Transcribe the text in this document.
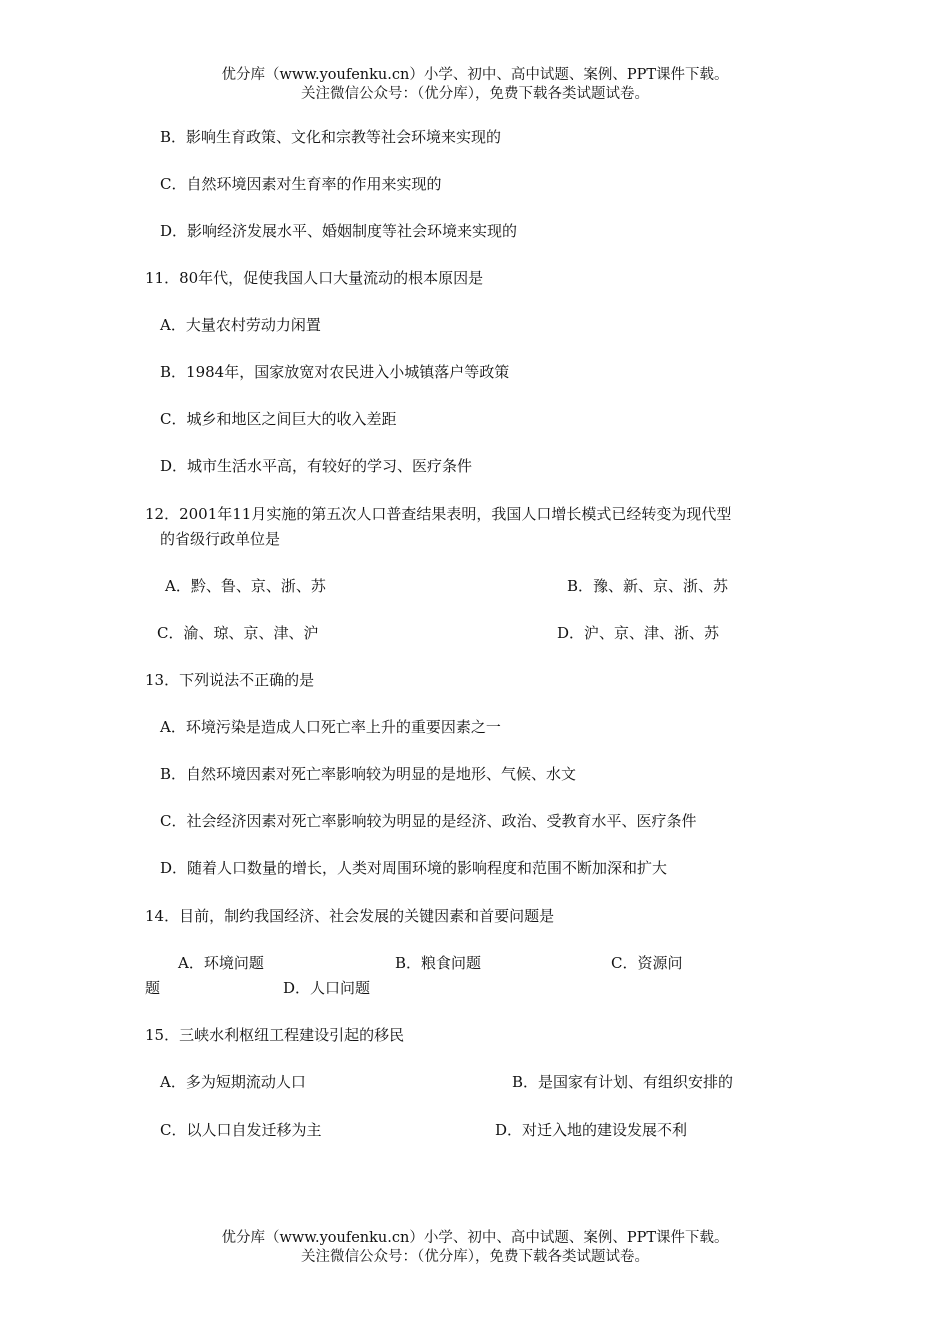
优分库（www.youfenku.cn）小学、初中、高中试题、案例、PPT课件下载。
关注微信公众号：（优分库），免费下载各类试题试卷。
B．影响生育政策、文化和宗教等社会环境来实现的
C．自然环境因素对生育率的作用来实现的
D．影响经济发展水平、婚姻制度等社会环境来实现的
11．80年代，促使我国人口大量流动的根本原因是
A．大量农村劳动力闲置
B．1984年，国家放宽对农民进入小城镇落户等政策
C．城乡和地区之间巨大的收入差距
D．城市生活水平高，有较好的学习、医疗条件
12．2001年11月实施的第五次人口普查结果表明，我国人口增长模式已经转变为现代型
的省级行政单位是
A．黔、鲁、京、浙、苏	B．豫、新、京、浙、苏
C．渝、琼、京、津、沪	D．沪、京、津、浙、苏
13．下列说法不正确的是
A．环境污染是造成人口死亡率上升的重要因素之一
B．自然环境因素对死亡率影响较为明显的是地形、气候、水文
C．社会经济因素对死亡率影响较为明显的是经济、政治、受教育水平、医疗条件
D．随着人口数量的增长，人类对周围环境的影响程度和范围不断加深和扩大
14．目前，制约我国经济、社会发展的关键因素和首要问题是
A．环境问题	B．粮食问题	C．资源问
题	D．人口问题
15．三峡水利枢纽工程建设引起的移民
A．多为短期流动人口	B．是国家有计划、有组织安排的
C．以人口自发迁移为主	D．对迁入地的建设发展不利
优分库（www.youfenku.cn）小学、初中、高中试题、案例、PPT课件下载。
关注微信公众号：（优分库），免费下载各类试题试卷。
